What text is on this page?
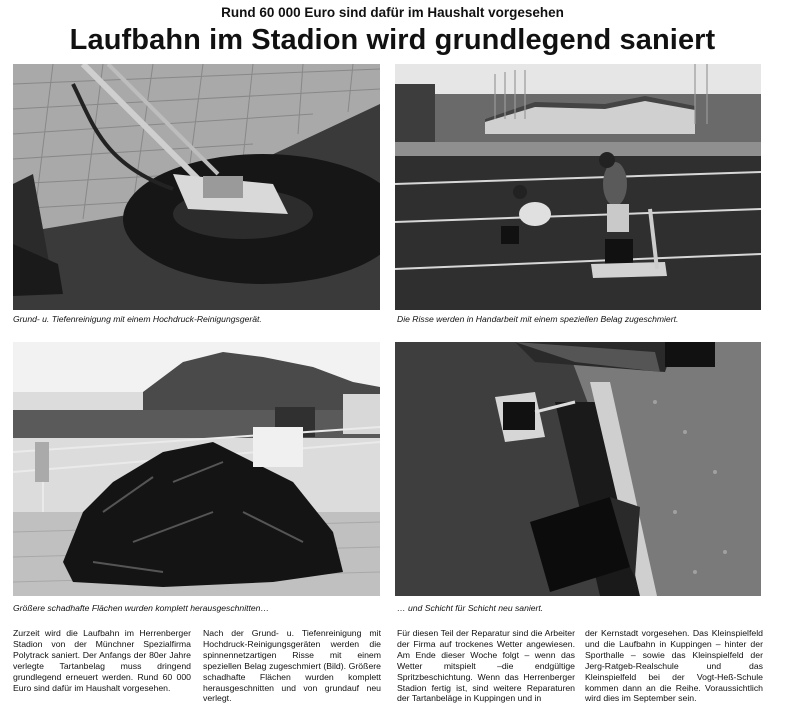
Rund 60 000 Euro sind dafür im Haushalt vorgesehen
Laufbahn im Stadion wird grundlegend saniert
Grund- u. Tiefenreinigung mit einem Hochdruck-Reinigungsgerät.	Die Risse werden in Handarbeit mit einem speziellen Belag zugeschmiert.
Größere schadhafte Flächen wurden komplett herausgeschnitten…	… und Schicht für Schicht neu saniert.
Zurzeit wird die Laufbahn im Herrenberger Stadion von der Münchner Spezialfirma Polytrack saniert. Der Anfangs der 80er Jahre verlegte Tartanbelag muss dringend grundlegend erneuert werden. Rund 60 000 Euro sind dafür im Haushalt vorgesehen.
Nach der Grund- u. Tiefenreinigung mit Hochdruck-Reinigungsgeräten werden die spinnennetzartigen Risse mit einem speziellen Belag zugeschmiert (Bild). Größere schadhafte Flächen wurden komplett herausgeschnitten und von grundauf neu verlegt.
Für diesen Teil der Reparatur sind die Arbeiter der Firma auf trockenes Wetter angewiesen. Am Ende dieser Woche folgt – wenn das Wetter mitspielt –die endgültige Spritzbeschichtung. Wenn das Herrenberger Stadion fertig ist, sind weitere Reparaturen der Tartanbeläge in Kuppingen und in
der Kernstadt vorgesehen. Das Kleinspielfeld und die Laufbahn in Kuppingen – hinter der Sporthalle – sowie das Kleinspielfeld der Jerg-Ratgeb-Realschule und das Kleinspielfeld bei der Vogt-Heß-Schule kommen dann an die Reihe. Voraussichtlich wird dies im September sein.
